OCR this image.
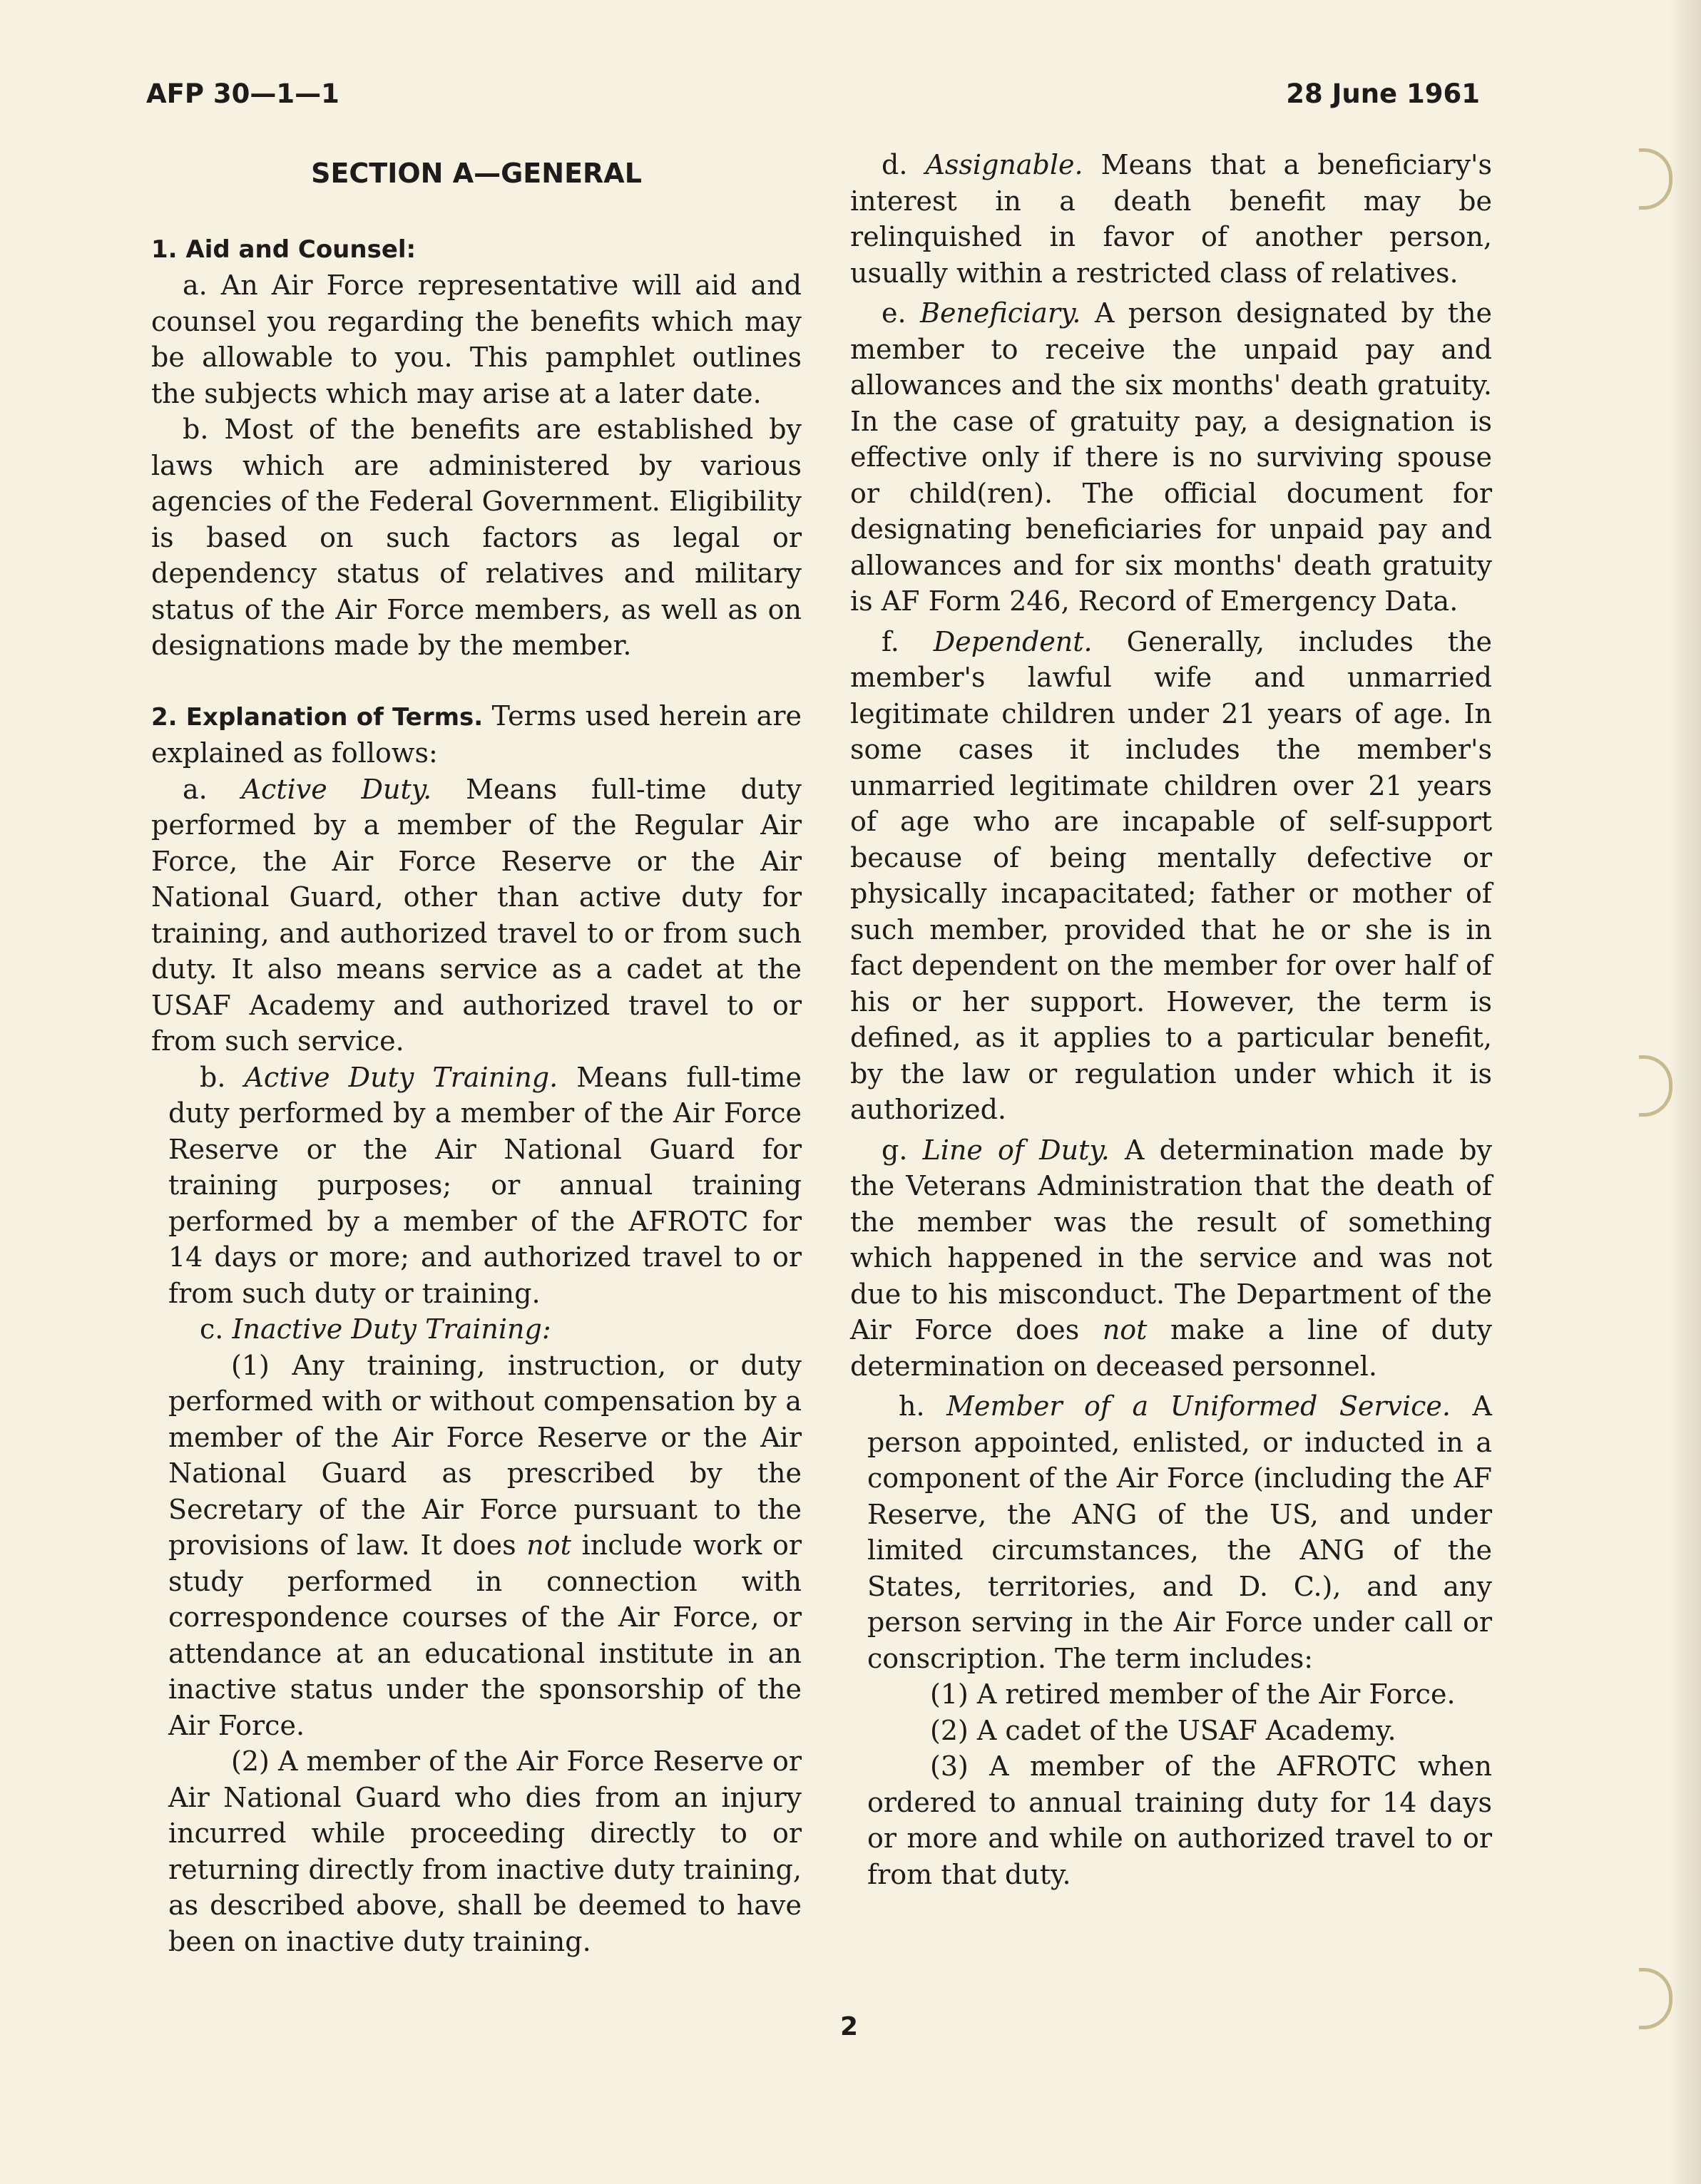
AFP 30—1—1	28 June 1961

SECTION A—GENERAL

1. Aid and Counsel:

a. An Air Force representative will aid and counsel you regarding the benefits which may be allowable to you. This pamphlet outlines the subjects which may arise at a later date.

b. Most of the benefits are established by laws which are administered by various agencies of the Federal Government. Eligibility is based on such factors as legal or dependency status of relatives and military status of the Air Force members, as well as on designations made by the member.

2. Explanation of Terms. Terms used herein are explained as follows:

a. Active Duty. Means full-time duty performed by a member of the Regular Air Force, the Air Force Reserve or the Air National Guard, other than active duty for training, and authorized travel to or from such duty. It also means service as a cadet at the USAF Academy and authorized travel to or from such service.

b. Active Duty Training. Means full-time duty performed by a member of the Air Force Reserve or the Air National Guard for training purposes; or annual training performed by a member of the AFROTC for 14 days or more; and authorized travel to or from such duty or training.

c. Inactive Duty Training:

(1) Any training, instruction, or duty performed with or without compensation by a member of the Air Force Reserve or the Air National Guard as prescribed by the Secretary of the Air Force pursuant to the provisions of law. It does not include work or study performed in connection with correspondence courses of the Air Force, or attendance at an educational institute in an inactive status under the sponsorship of the Air Force.

(2) A member of the Air Force Reserve or Air National Guard who dies from an injury incurred while proceeding directly to or returning directly from inactive duty training, as described above, shall be deemed to have been on inactive duty training.

d. Assignable. Means that a beneficiary's interest in a death benefit may be relinquished in favor of another person, usually within a restricted class of relatives.

e. Beneficiary. A person designated by the member to receive the unpaid pay and allowances and the six months' death gratuity. In the case of gratuity pay, a designation is effective only if there is no surviving spouse or child(ren). The official document for designating beneficiaries for unpaid pay and allowances and for six months' death gratuity is AF Form 246, Record of Emergency Data.

f. Dependent. Generally, includes the member's lawful wife and unmarried legitimate children under 21 years of age. In some cases it includes the member's unmarried legitimate children over 21 years of age who are incapable of self-support because of being mentally defective or physically incapacitated; father or mother of such member, provided that he or she is in fact dependent on the member for over half of his or her support. However, the term is defined, as it applies to a particular benefit, by the law or regulation under which it is authorized.

g. Line of Duty. A determination made by the Veterans Administration that the death of the member was the result of something which happened in the service and was not due to his misconduct. The Department of the Air Force does not make a line of duty determination on deceased personnel.

h. Member of a Uniformed Service. A person appointed, enlisted, or inducted in a component of the Air Force (including the AF Reserve, the ANG of the US, and under limited circumstances, the ANG of the States, territories, and D. C.), and any person serving in the Air Force under call or conscription. The term includes:

(1) A retired member of the Air Force.

(2) A cadet of the USAF Academy.

(3) A member of the AFROTC when ordered to annual training duty for 14 days or more and while on authorized travel to or from that duty.

2
